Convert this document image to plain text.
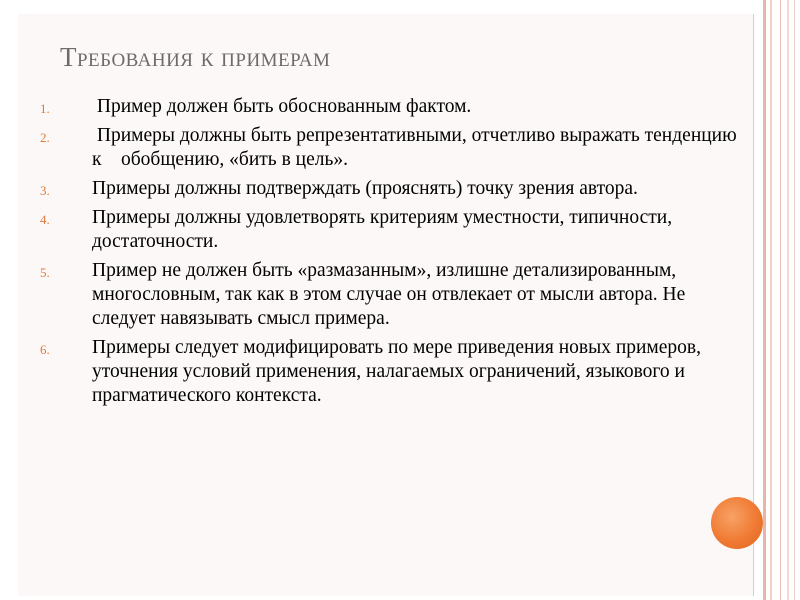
Требования к примерам
1. Пример должен быть обоснованным фактом.
2. Примеры должны быть репрезентативными, отчетливо выражать тенденцию к    обобщению, «бить в цель».
3. Примеры должны подтверждать (прояснять) точку зрения автора.
4. Примеры должны удовлетворять критериям уместности, типичности, достаточности.
5. Пример не должен быть «размазанным», излишне детализированным, многословным, так как в этом случае он отвлекает от мысли автора. Не следует навязывать смысл примера.
6. Примеры следует модифицировать по мере приведения новых примеров, уточнения условий применения, налагаемых ограничений, языкового и прагматического контекста.
